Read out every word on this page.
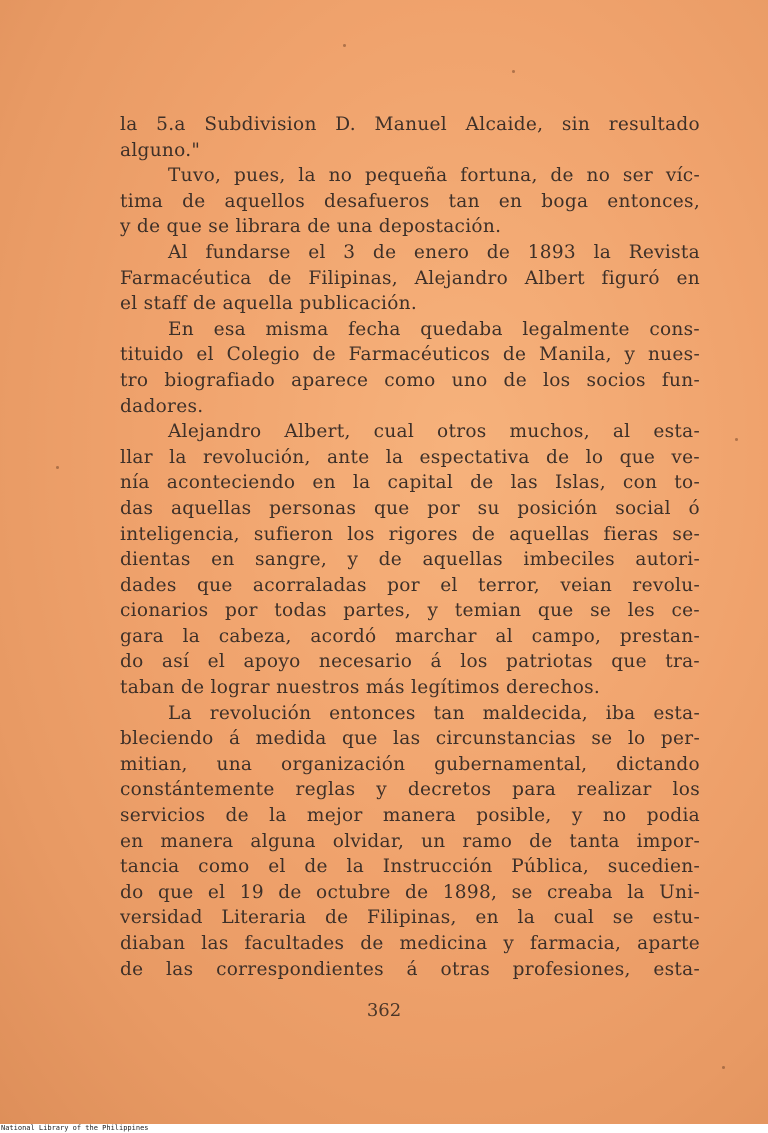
la 5.a Subdivision D. Manuel Alcaide, sin resultado
alguno."
Tuvo, pues, la no pequeña fortuna, de no ser víc-
tima de aquellos desafueros tan en boga entonces,
y de que se librara de una depostación.
Al fundarse el 3 de enero de 1893 la Revista
Farmacéutica de Filipinas, Alejandro Albert figuró en
el staff de aquella publicación.
En esa misma fecha quedaba legalmente cons-
tituido el Colegio de Farmacéuticos de Manila, y nues-
tro biografiado aparece como uno de los socios fun-
dadores.
Alejandro Albert, cual otros muchos, al esta-
llar la revolución, ante la espectativa de lo que ve-
nía aconteciendo en la capital de las Islas, con to-
das aquellas personas que por su posición social ó
inteligencia, sufieron los rigores de aquellas fieras se-
dientas en sangre, y de aquellas imbeciles autori-
dades que acorraladas por el terror, veian revolu-
cionarios por todas partes, y temian que se les ce-
gara la cabeza, acordó marchar al campo, prestan-
do así el apoyo necesario á los patriotas que tra-
taban de lograr nuestros más legítimos derechos.
La revolución entonces tan maldecida, iba esta-
bleciendo á medida que las circunstancias se lo per-
mitian, una organización gubernamental, dictando
constántemente reglas y decretos para realizar los
servicios de la mejor manera posible, y no podia
en manera alguna olvidar, un ramo de tanta impor-
tancia como el de la Instrucción Pública, sucedien-
do que el 19 de octubre de 1898, se creaba la Uni-
versidad Literaria de Filipinas, en la cual se estu-
diaban las facultades de medicina y farmacia, aparte
de las correspondientes á otras profesiones, esta-
362
National Library of the Philippines
